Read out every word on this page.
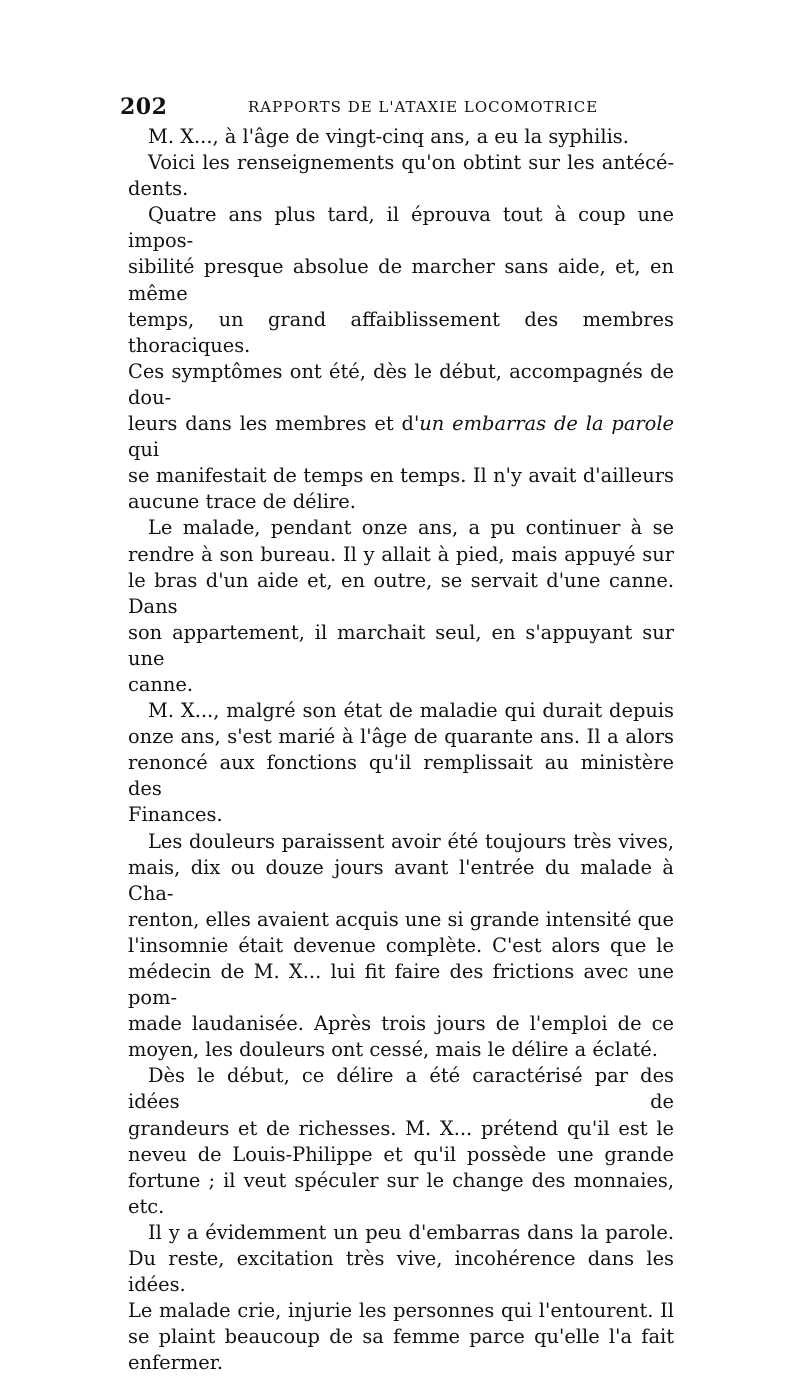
202	RAPPORTS DE L'ATAXIE LOCOMOTRICE

M. X..., à l'âge de vingt-cinq ans, a eu la syphilis.

Voici les renseignements qu'on obtint sur les antécé-
dents.

Quatre ans plus tard, il éprouva tout à coup une impos-
sibilité presque absolue de marcher sans aide, et, en même
temps, un grand affaiblissement des membres thoraciques.
Ces symptômes ont été, dès le début, accompagnés de dou-
leurs dans les membres et d'un embarras de la parole qui
se manifestait de temps en temps. Il n'y avait d'ailleurs
aucune trace de délire.

Le malade, pendant onze ans, a pu continuer à se
rendre à son bureau. Il y allait à pied, mais appuyé sur
le bras d'un aide et, en outre, se servait d'une canne. Dans
son appartement, il marchait seul, en s'appuyant sur une
canne.

M. X..., malgré son état de maladie qui durait depuis
onze ans, s'est marié à l'âge de quarante ans. Il a alors
renoncé aux fonctions qu'il remplissait au ministère des
Finances.

Les douleurs paraissent avoir été toujours très vives,
mais, dix ou douze jours avant l'entrée du malade à Cha-
renton, elles avaient acquis une si grande intensité que
l'insomnie était devenue complète. C'est alors que le
médecin de M. X... lui fit faire des frictions avec une pom-
made laudanisée. Après trois jours de l'emploi de ce
moyen, les douleurs ont cessé, mais le délire a éclaté.

Dès le début, ce délire a été caractérisé par des idées de
grandeurs et de richesses. M. X... prétend qu'il est le
neveu de Louis-Philippe et qu'il possède une grande
fortune ; il veut spéculer sur le change des monnaies, etc.

Il y a évidemment un peu d'embarras dans la parole.
Du reste, excitation très vive, incohérence dans les idées.
Le malade crie, injurie les personnes qui l'entourent. Il
se plaint beaucoup de sa femme parce qu'elle l'a fait
enfermer.
